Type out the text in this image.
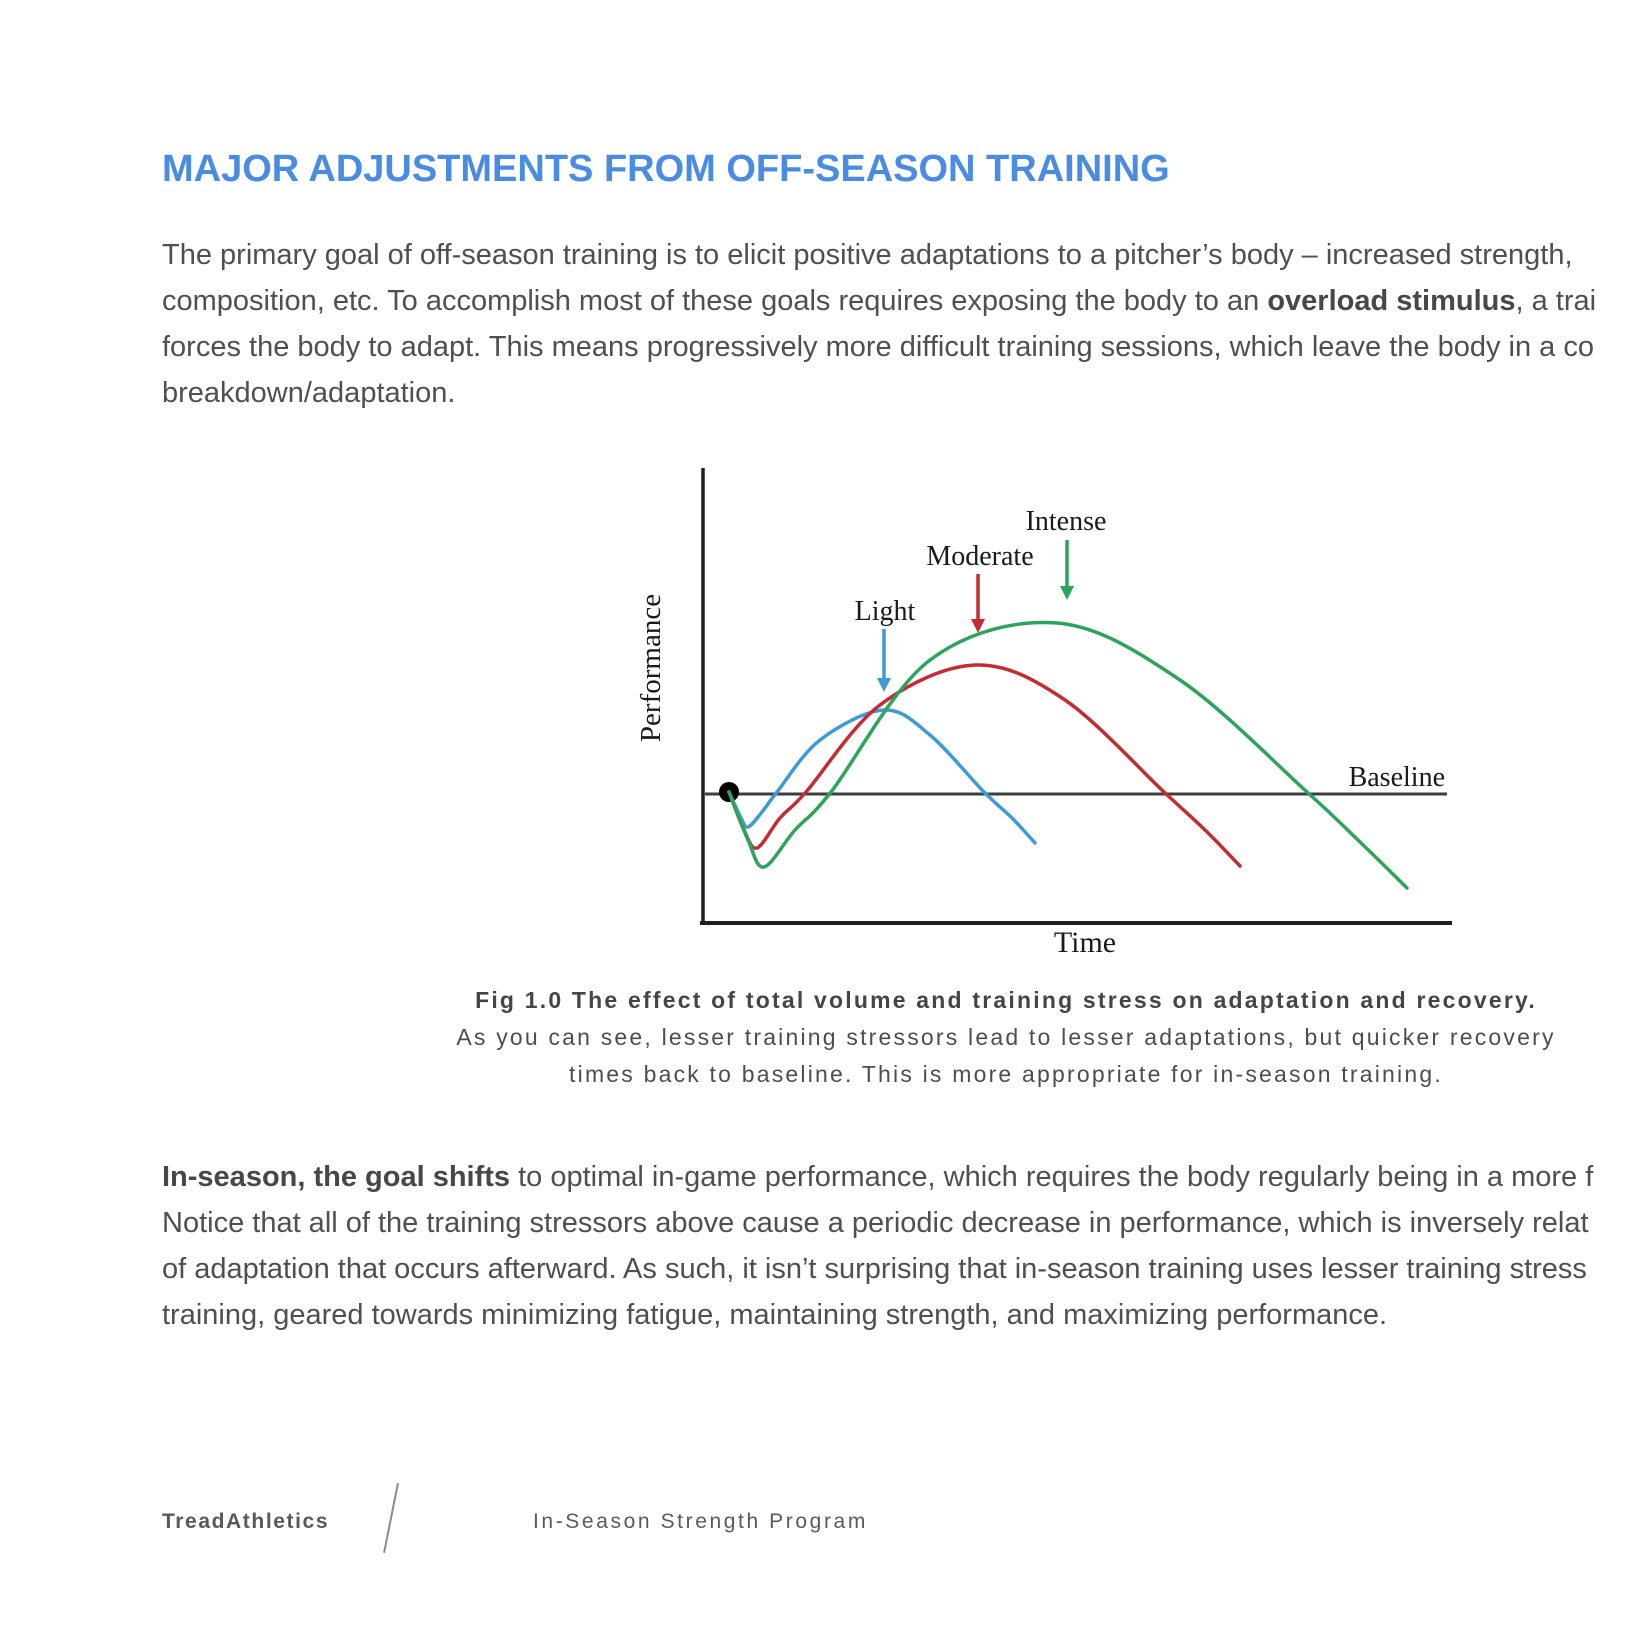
MAJOR ADJUSTMENTS FROM OFF-SEASON TRAINING
The primary goal of off-season training is to elicit positive adaptations to a pitcher’s body – increased strength,
composition, etc. To accomplish most of these goals requires exposing the body to an overload stimulus, a trai
forces the body to adapt. This means progressively more difficult training sessions, which leave the body in a co
breakdown/adaptation.
Performance
Time
Baseline
Light
Moderate
Intense
Fig 1.0 The effect of total volume and training stress on adaptation and recovery.
As you can see, lesser training stressors lead to lesser adaptations, but quicker recovery
times back to baseline. This is more appropriate for in-season training.
In-season, the goal shifts to optimal in-game performance, which requires the body regularly being in a more f
Notice that all of the training stressors above cause a periodic decrease in performance, which is inversely relat
of adaptation that occurs afterward. As such, it isn’t surprising that in-season training uses lesser training stress
training, geared towards minimizing fatigue, maintaining strength, and maximizing performance.
TreadAthletics	In-Season Strength Program
